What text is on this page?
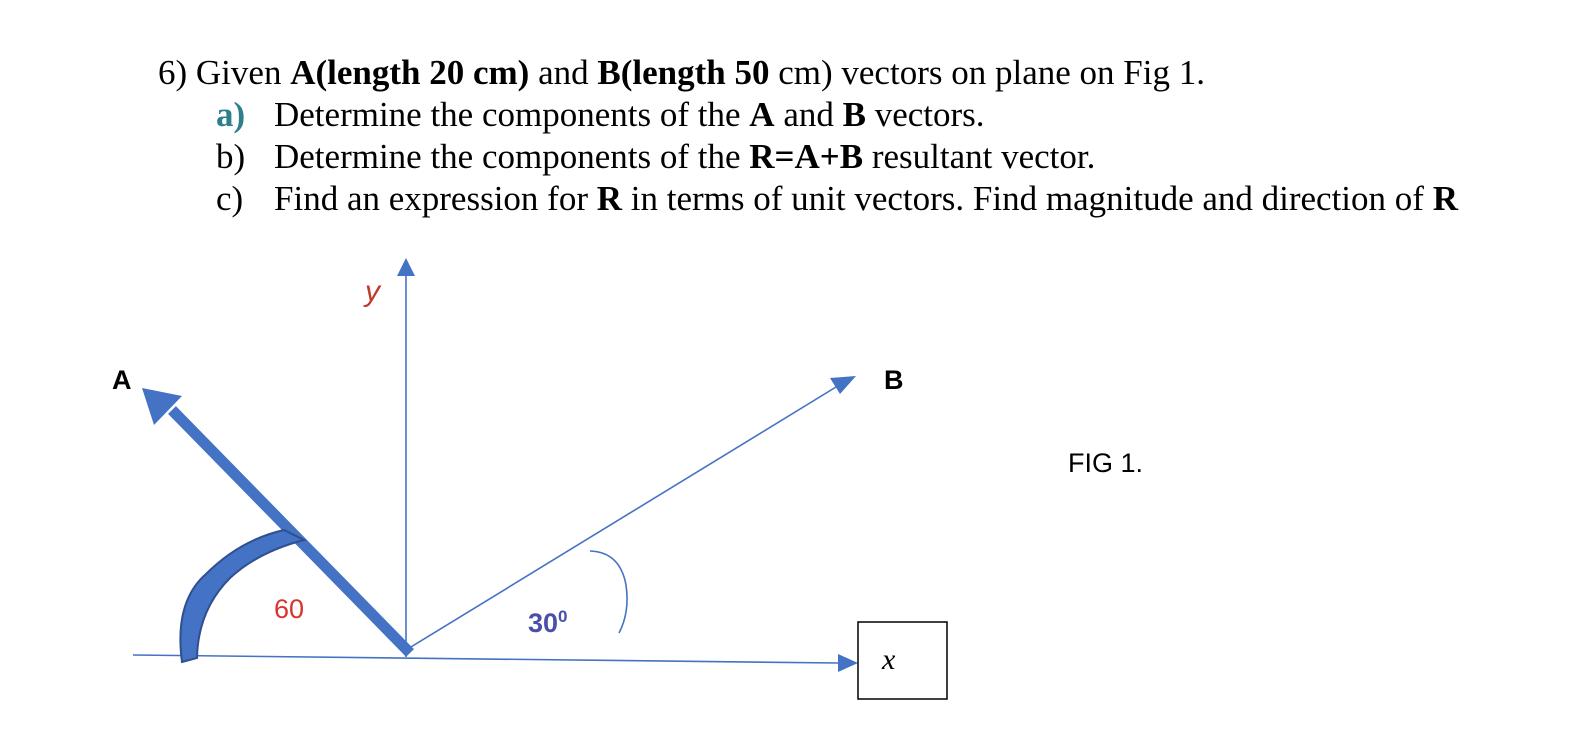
6) Given A(length 20 cm) and B(length 50 cm) vectors on plane on Fig 1.
a) Determine the components of the A and B vectors.
b) Determine the components of the R=A+B resultant vector.
c) Find an expression for R in terms of unit vectors. Find magnitude and direction of R
y
A	B
60	$30^0$
x
FIG 1.
